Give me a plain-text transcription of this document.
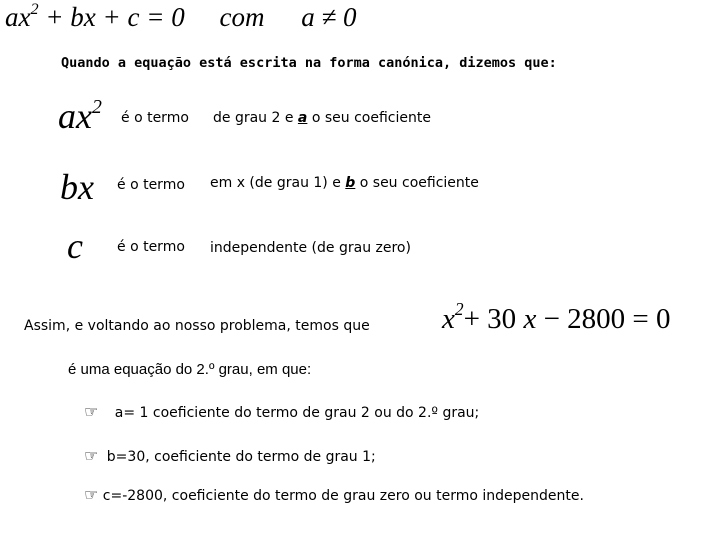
$ax^2$ + bx + c = 0 com a ≠ 0
Quando a equação está escrita na forma canónica, dizemos que:
$ax^2$ é o termo de grau 2 e a o seu coeficiente
bx é o termo em x (de grau 1) e b o seu coeficiente
c é o termo independente (de grau zero)
Assim, e voltando ao nosso problema, temos que $x^2+ 30$ x − 2800 = 0
é uma equação do 2.º grau, em que:
☞ a= 1 coeficiente do termo de grau 2 ou do 2.º grau;
☞ b=30, coeficiente do termo de grau 1;
☞ c=-2800, coeficiente do termo de grau zero ou termo independente.
